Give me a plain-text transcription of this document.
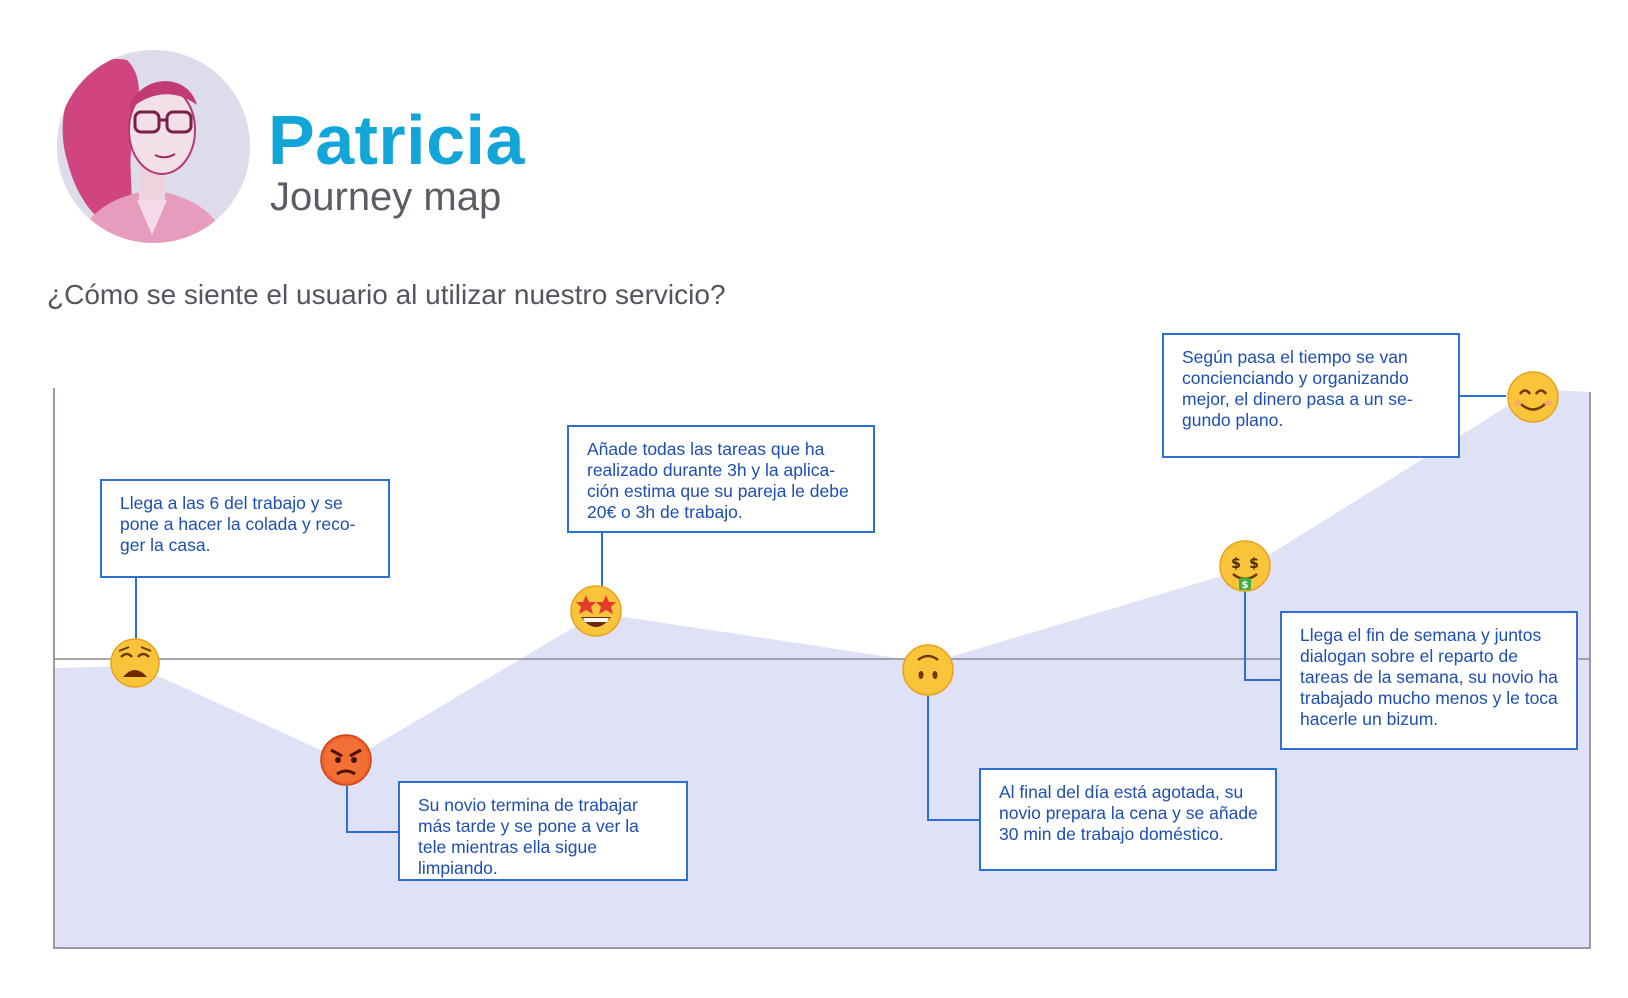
Patricia
Journey map
¿Cómo se siente el usuario al utilizar nuestro servicio?
$ $
$
Llega a las 6 del trabajo y se pone a hacer la colada y reco-ger la casa.
Su novio termina de trabajar más tarde y se pone a ver la tele mientras ella sigue limpiando.
Añade todas las tareas que ha realizado durante 3h y la aplica-ción estima que su pareja le debe 20€ o 3h de trabajo.
Al final del día está agotada, su novio prepara la cena y se añade 30 min de trabajo doméstico.
Llega el fin de semana y juntos dialogan sobre el reparto de tareas de la semana, su novio ha trabajado mucho menos y le toca hacerle un bizum.
Según pasa el tiempo se van concienciando y organizando mejor, el dinero pasa a un se-gundo plano.
